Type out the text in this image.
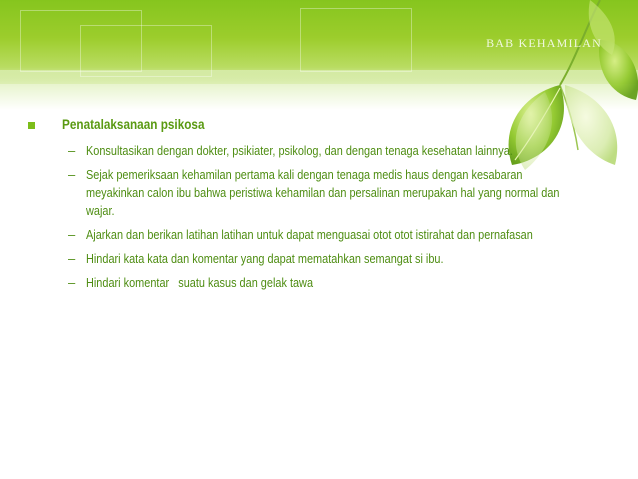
BAB KEHAMILAN
Penatalaksanaan psikosa
– Konsultasikan dengan dokter, psikiater, psikolog, dan dengan tenaga kesehatan lainnya.
– Sejak pemeriksaan kehamilan pertama kali dengan tenaga medis haus dengan kesabaran meyakinkan calon ibu bahwa peristiwa kehamilan dan persalinan merupakan hal yang normal dan wajar.
– Ajarkan dan berikan latihan latihan untuk dapat menguasai otot otot istirahat dan pernafasan
– Hindari kata kata dan komentar yang dapat mematahkan semangat si ibu.
– Hindari komentar   suatu kasus dan gelak tawa
